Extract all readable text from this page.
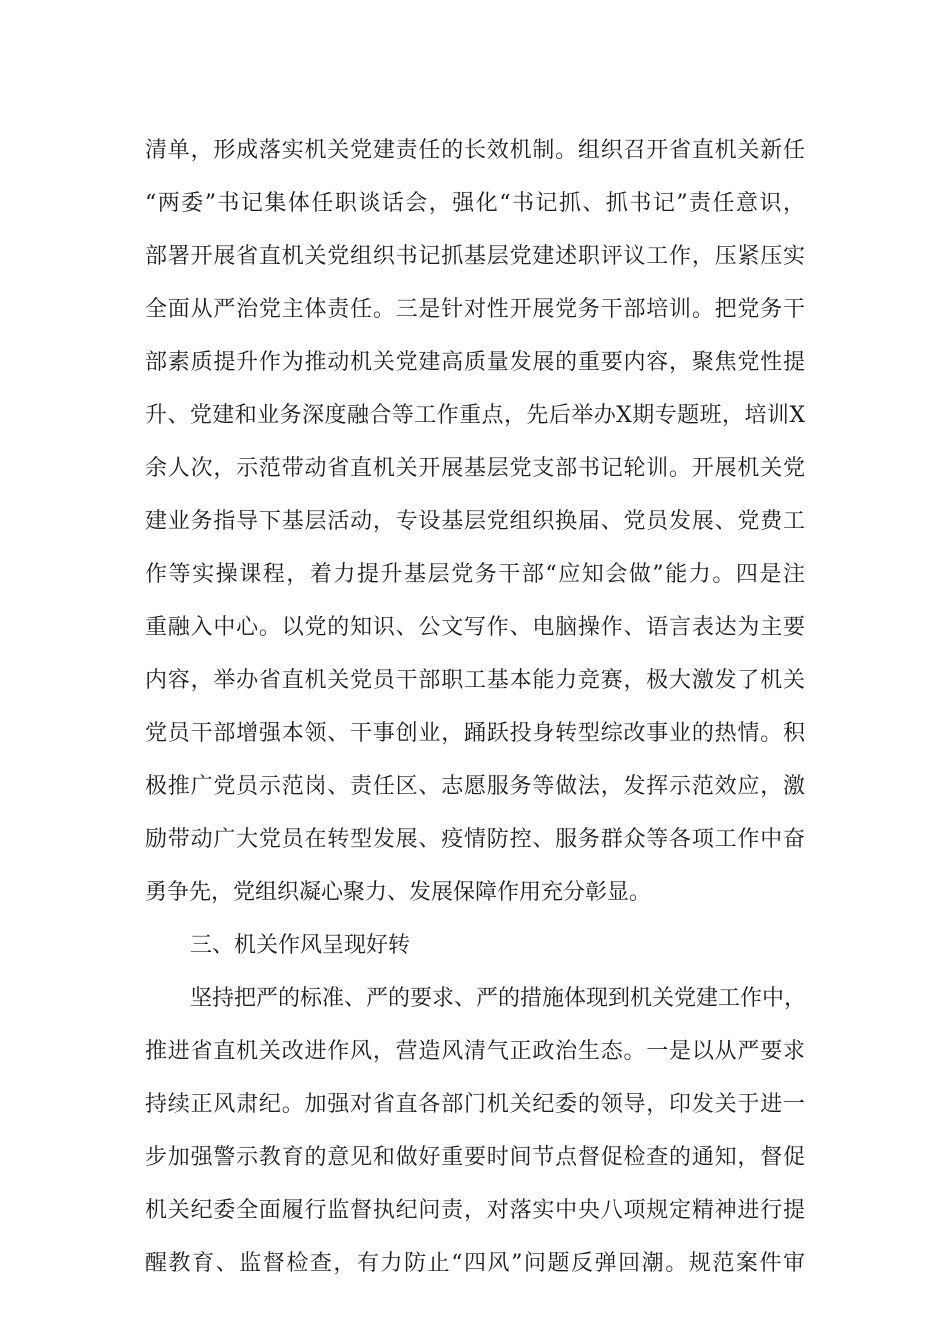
清单，形成落实机关党建责任的长效机制。组织召开省直机关新任
“两委”书记集体任职谈话会，强化“书记抓、抓书记”责任意识，
部署开展省直机关党组织书记抓基层党建述职评议工作，压紧压实
全面从严治党主体责任。三是针对性开展党务干部培训。把党务干
部素质提升作为推动机关党建高质量发展的重要内容，聚焦党性提
升、党建和业务深度融合等工作重点，先后举办X期专题班，培训X
余人次，示范带动省直机关开展基层党支部书记轮训。开展机关党
建业务指导下基层活动，专设基层党组织换届、党员发展、党费工
作等实操课程，着力提升基层党务干部“应知会做”能力。四是注
重融入中心。以党的知识、公文写作、电脑操作、语言表达为主要
内容，举办省直机关党员干部职工基本能力竞赛，极大激发了机关
党员干部增强本领、干事创业，踊跃投身转型综改事业的热情。积
极推广党员示范岗、责任区、志愿服务等做法，发挥示范效应，激
励带动广大党员在转型发展、疫情防控、服务群众等各项工作中奋
勇争先，党组织凝心聚力、发展保障作用充分彰显。
三、机关作风呈现好转
坚持把严的标准、严的要求、严的措施体现到机关党建工作中，
推进省直机关改进作风，营造风清气正政治生态。一是以从严要求
持续正风肃纪。加强对省直各部门机关纪委的领导，印发关于进一
步加强警示教育的意见和做好重要时间节点督促检查的通知，督促
机关纪委全面履行监督执纪问责，对落实中央八项规定精神进行提
醒教育、监督检查，有力防止“四风”问题反弹回潮。规范案件审
